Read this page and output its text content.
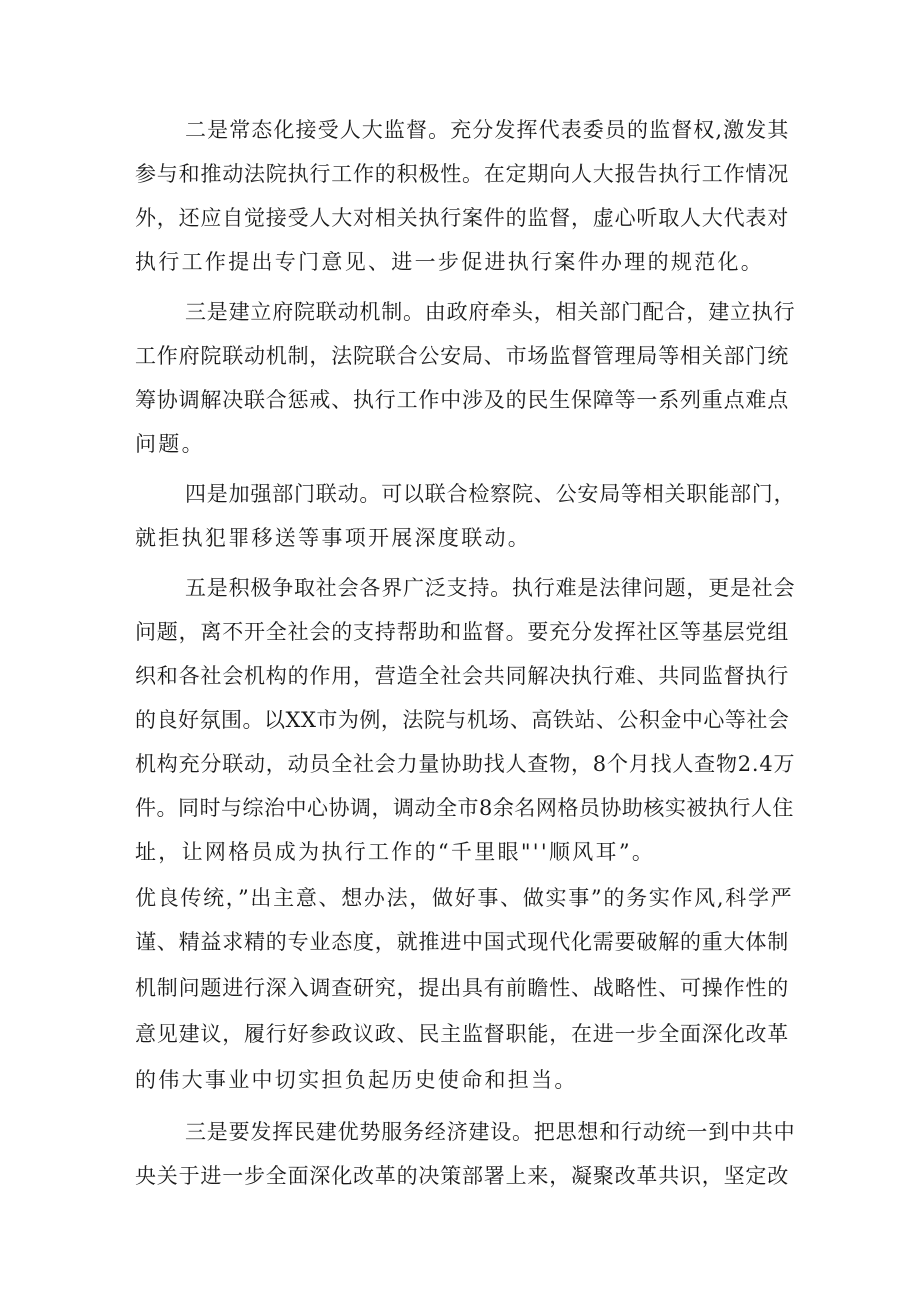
二是常态化接受人大监督。充分发挥代表委员的监督权,激发其

参与和推动法院执行工作的积极性。在定期向人大报告执行工作情况

外，还应自觉接受人大对相关执行案件的监督，虚心听取人大代表对

执行工作提出专门意见、进一步促进执行案件办理的规范化。

三是建立府院联动机制。由政府牵头，相关部门配合，建立执行

工作府院联动机制，法院联合公安局、市场监督管理局等相关部门统

筹协调解决联合惩戒、执行工作中涉及的民生保障等一系列重点难点

问题。

四是加强部门联动。可以联合检察院、公安局等相关职能部门，

就拒执犯罪移送等事项开展深度联动。

五是积极争取社会各界广泛支持。执行难是法律问题，更是社会

问题，离不开全社会的支持帮助和监督。要充分发挥社区等基层党组

织和各社会机构的作用，营造全社会共同解决执行难、共同监督执行

的良好氛围。以XX市为例，法院与机场、高铁站、公积金中心等社会

机构充分联动，动员全社会力量协助找人查物，8个月找人查物2.4万

件。同时与综治中心协调，调动全市8余名网格员协助核实被执行人住

址，让网格员成为执行工作的“千里眼"''顺风耳”。

优良传统，”出主意、想办法，做好事、做实事”的务实作风,科学严

谨、精益求精的专业态度，就推进中国式现代化需要破解的重大体制

机制问题进行深入调查研究，提出具有前瞻性、战略性、可操作性的

意见建议，履行好参政议政、民主监督职能，在进一步全面深化改革

的伟大事业中切实担负起历史使命和担当。

三是要发挥民建优势服务经济建设。把思想和行动统一到中共中

央关于进一步全面深化改革的决策部署上来，凝聚改革共识，坚定改
